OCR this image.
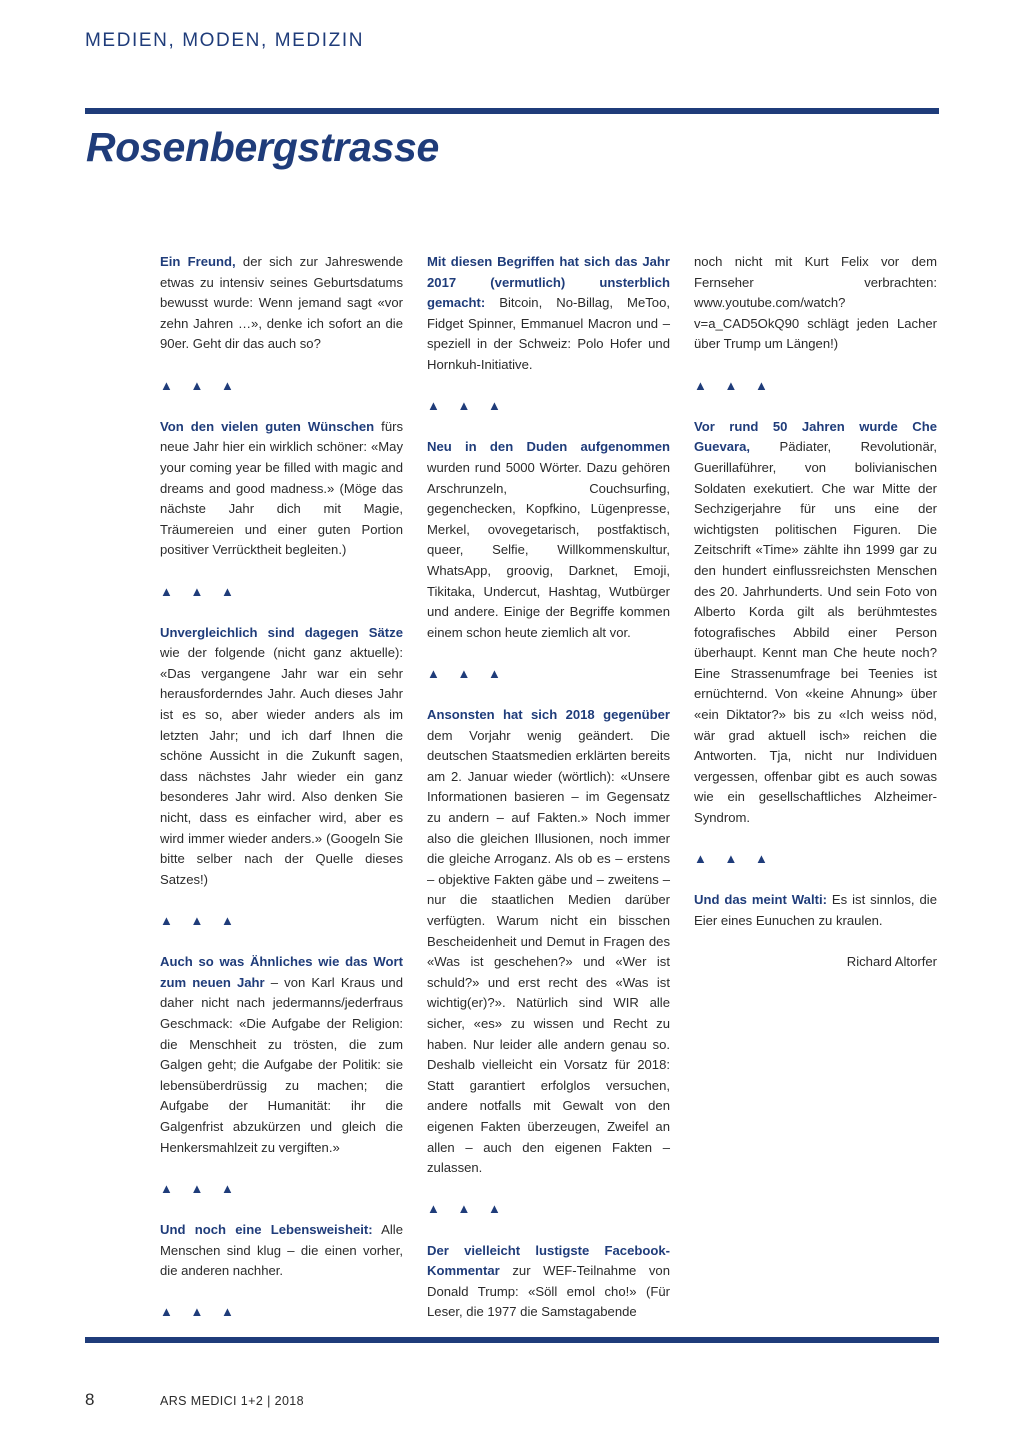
MEDIEN, MODEN, MEDIZIN
Rosenbergstrasse

Ein Freund, der sich zur Jahreswende etwas zu intensiv seines Geburtsdatums bewusst wurde: Wenn jemand sagt «vor zehn Jahren …», denke ich sofort an die 90er. Geht dir das auch so?

▲ ▲ ▲

Von den vielen guten Wünschen fürs neue Jahr hier ein wirklich schöner: «May your coming year be filled with magic and dreams and good madness.» (Möge das nächste Jahr dich mit Magie, Träumereien und einer guten Portion positiver Verrücktheit begleiten.)

▲ ▲ ▲

Unvergleichlich sind dagegen Sätze wie der folgende (nicht ganz aktuelle): «Das vergangene Jahr war ein sehr herausforderndes Jahr. Auch dieses Jahr ist es so, aber wieder anders als im letzten Jahr; und ich darf Ihnen die schöne Aussicht in die Zukunft sagen, dass nächstes Jahr wieder ein ganz besonderes Jahr wird. Also denken Sie nicht, dass es einfacher wird, aber es wird immer wieder anders.» (Googeln Sie bitte selber nach der Quelle dieses Satzes!)

▲ ▲ ▲

Auch so was Ähnliches wie das Wort zum neuen Jahr – von Karl Kraus und daher nicht nach jedermanns/jederfraus Geschmack: «Die Aufgabe der Religion: die Menschheit zu trösten, die zum Galgen geht; die Aufgabe der Politik: sie lebensüberdrüssig zu machen; die Aufgabe der Humanität: ihr die Galgenfrist abzukürzen und gleich die Henkersmahlzeit zu vergiften.»

▲ ▲ ▲

Und noch eine Lebensweisheit: Alle Menschen sind klug – die einen vorher, die anderen nachher.

▲ ▲ ▲

Mit diesen Begriffen hat sich das Jahr 2017 (vermutlich) unsterblich gemacht: Bitcoin, No-Billag, MeToo, Fidget Spinner, Emmanuel Macron und – speziell in der Schweiz: Polo Hofer und Hornkuh-Initiative.

▲ ▲ ▲

Neu in den Duden aufgenommen wurden rund 5000 Wörter. Dazu gehören Arschrunzeln, Couchsurfing, gegenchecken, Kopfkino, Lügenpresse, Merkel, ovovegetarisch, postfaktisch, queer, Selfie, Willkommenskultur, WhatsApp, groovig, Darknet, Emoji, Tikitaka, Undercut, Hashtag, Wutbürger und andere. Einige der Begriffe kommen einem schon heute ziemlich alt vor.

▲ ▲ ▲

Ansonsten hat sich 2018 gegenüber dem Vorjahr wenig geändert. Die deutschen Staatsmedien erklärten bereits am 2. Januar wieder (wörtlich): «Unsere Informationen basieren – im Gegensatz zu andern – auf Fakten.» Noch immer also die gleichen Illusionen, noch immer die gleiche Arroganz. Als ob es – erstens – objektive Fakten gäbe und – zweitens – nur die staatlichen Medien darüber verfügten. Warum nicht ein bisschen Bescheidenheit und Demut in Fragen des «Was ist geschehen?» und «Wer ist schuld?» und erst recht des «Was ist wichtig(er)?». Natürlich sind WIR alle sicher, «es» zu wissen und Recht zu haben. Nur leider alle andern genau so. Deshalb vielleicht ein Vorsatz für 2018: Statt garantiert erfolglos versuchen, andere notfalls mit Gewalt von den eigenen Fakten überzeugen, Zweifel an allen – auch den eigenen Fakten – zulassen.

▲ ▲ ▲

Der vielleicht lustigste Facebook-Kommentar zur WEF-Teilnahme von Donald Trump: «Söll emol cho!» (Für Leser, die 1977 die Samstagabende

noch nicht mit Kurt Felix vor dem Fernseher verbrachten: www.youtube.com/watch?v=a_CAD5OkQ90 schlägt jeden Lacher über Trump um Längen!)

▲ ▲ ▲

Vor rund 50 Jahren wurde Che Guevara, Pädiater, Revolutionär, Guerillaführer, von bolivianischen Soldaten exekutiert. Che war Mitte der Sechzigerjahre für uns eine der wichtigsten politischen Figuren. Die Zeitschrift «Time» zählte ihn 1999 gar zu den hundert einflussreichsten Menschen des 20. Jahrhunderts. Und sein Foto von Alberto Korda gilt als berühmtestes fotografisches Abbild einer Person überhaupt. Kennt man Che heute noch? Eine Strassenumfrage bei Teenies ist ernüchternd. Von «keine Ahnung» über «ein Diktator?» bis zu «Ich weiss nöd, wär grad aktuell isch» reichen die Antworten. Tja, nicht nur Individuen vergessen, offenbar gibt es auch sowas wie ein gesellschaftliches Alzheimer-Syndrom.

▲ ▲ ▲

Und das meint Walti: Es ist sinnlos, die Eier eines Eunuchen zu kraulen.

Richard Altorfer

8	ARS MEDICI 1+2 | 2018
